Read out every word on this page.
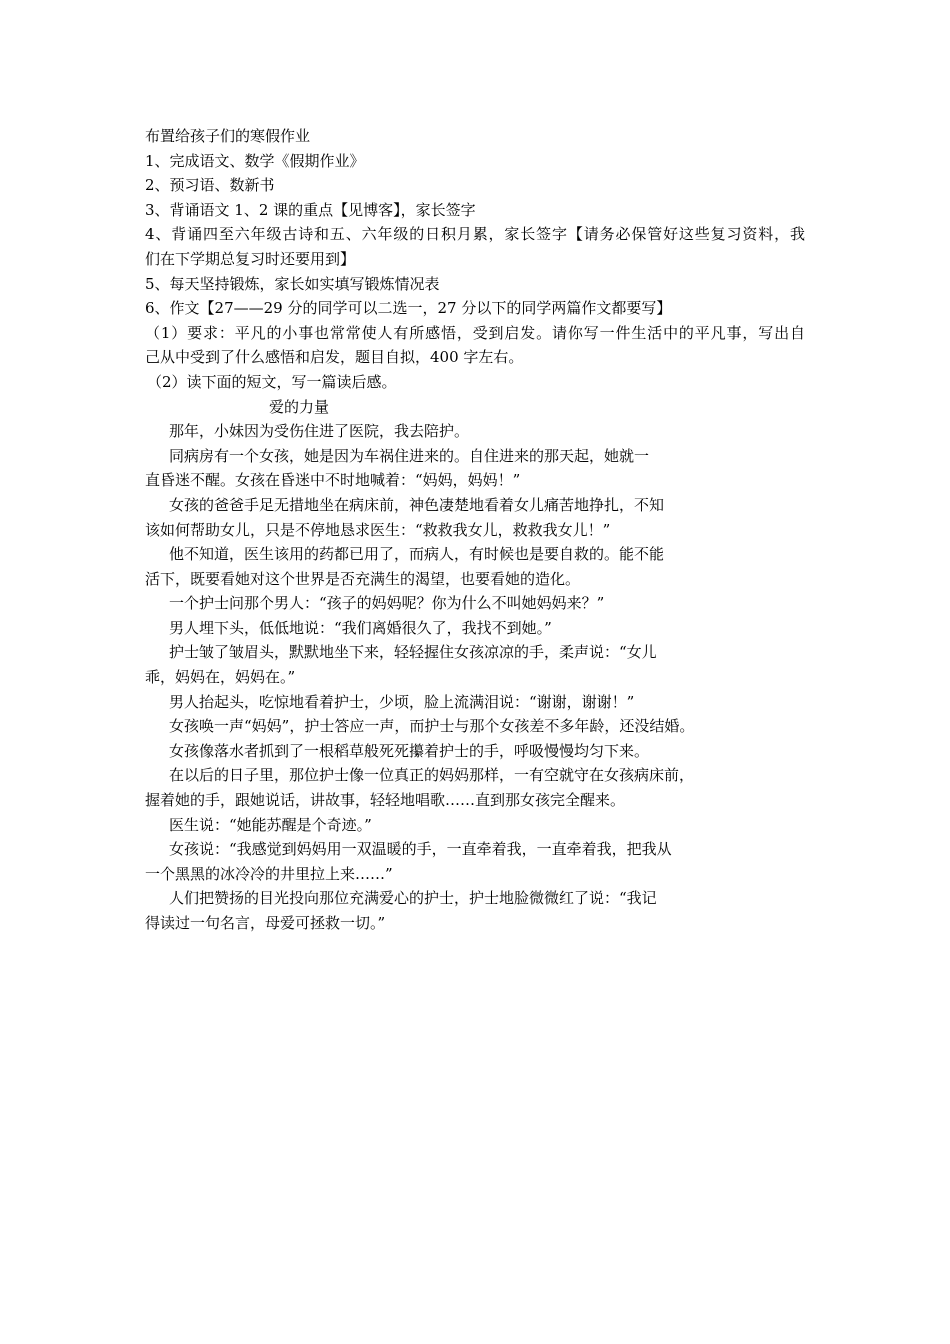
布置给孩子们的寒假作业
1、完成语文、数学《假期作业》
2、预习语、数新书
3、背诵语文 1、2 课的重点【见博客】，家长签字
4、背诵四至六年级古诗和五、六年级的日积月累，家长签字【请务必保管好这些复习资料，我
们在下学期总复习时还要用到】
5、每天坚持锻炼，家长如实填写锻炼情况表
6、作文【27——29 分的同学可以二选一，27 分以下的同学两篇作文都要写】
（1）要求：平凡的小事也常常使人有所感悟，受到启发。请你写一件生活中的平凡事，写出自
己从中受到了什么感悟和启发，题目自拟，400 字左右。
（2）读下面的短文，写一篇读后感。
爱的力量
那年，小妹因为受伤住进了医院，我去陪护。
同病房有一个女孩，她是因为车祸住进来的。自住进来的那天起，她就一
直昏迷不醒。女孩在昏迷中不时地喊着：“妈妈，妈妈！”
女孩的爸爸手足无措地坐在病床前，神色凄楚地看着女儿痛苦地挣扎，不知
该如何帮助女儿，只是不停地恳求医生：“救救我女儿，救救我女儿！”
他不知道，医生该用的药都已用了，而病人，有时候也是要自救的。能不能
活下，既要看她对这个世界是否充满生的渴望，也要看她的造化。
一个护士问那个男人：“孩子的妈妈呢？你为什么不叫她妈妈来？”
男人埋下头，低低地说：“我们离婚很久了，我找不到她。”
护士皱了皱眉头，默默地坐下来，轻轻握住女孩凉凉的手，柔声说：“女儿
乖，妈妈在，妈妈在。”
男人抬起头，吃惊地看着护士，少顷，脸上流满泪说：“谢谢，谢谢！”
女孩唤一声“妈妈”，护士答应一声，而护士与那个女孩差不多年龄，还没结婚。
女孩像落水者抓到了一根稻草般死死攥着护士的手，呼吸慢慢均匀下来。
在以后的日子里，那位护士像一位真正的妈妈那样，一有空就守在女孩病床前，
握着她的手，跟她说话，讲故事，轻轻地唱歌……直到那女孩完全醒来。
医生说：“她能苏醒是个奇迹。”
女孩说：“我感觉到妈妈用一双温暖的手，一直牵着我，一直牵着我，把我从
一个黑黑的冰冷冷的井里拉上来……”
人们把赞扬的目光投向那位充满爱心的护士，护士地脸微微红了说：“我记
得读过一句名言，母爱可拯救一切。”
